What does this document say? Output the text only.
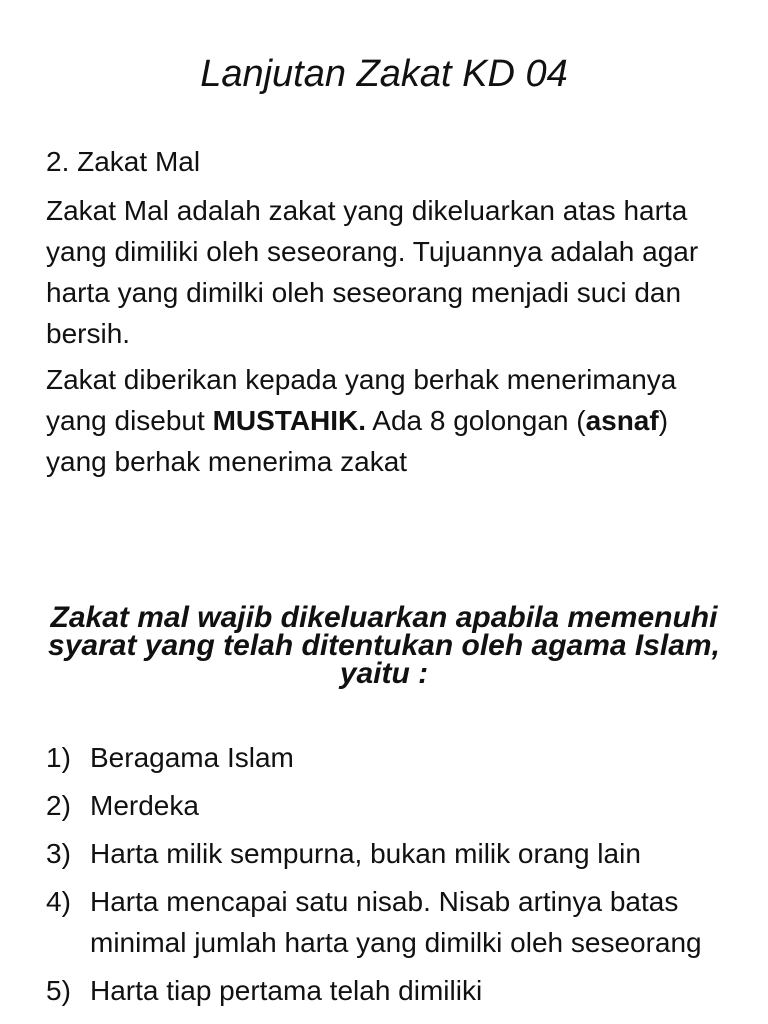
Lanjutan Zakat KD 04
2. Zakat Mal
Zakat Mal adalah zakat yang dikeluarkan atas harta yang dimiliki oleh seseorang. Tujuannya adalah agar harta yang dimilki oleh seseorang menjadi suci dan bersih.
Zakat diberikan kepada yang berhak menerimanya yang disebut MUSTAHIK. Ada 8 golongan (asnaf) yang berhak menerima zakat
Zakat mal wajib dikeluarkan apabila memenuhi syarat yang telah ditentukan oleh agama Islam, yaitu :
1) Beragama Islam
2) Merdeka
3) Harta milik sempurna, bukan milik orang lain
4) Harta mencapai satu nisab. Nisab artinya batas minimal jumlah harta yang dimilki oleh seseorang
5) Harta tiap pertama telah dimiliki
